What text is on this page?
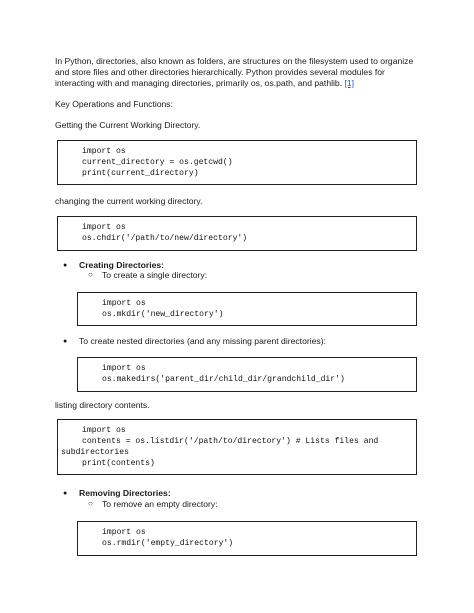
In Python, directories, also known as folders, are structures on the filesystem used to organize
and store files and other directories hierarchically. Python provides several modules for
interacting with and managing directories, primarily os, os.path, and pathlib. [1]
Key Operations and Functions:
Getting the Current Working Directory.
import os
current_directory = os.getcwd()
print(current_directory)
changing the current working directory.
import os
os.chdir('/path/to/new/directory')
● Creating Directories:
○ To create a single directory:
import os
os.mkdir('new_directory')
● To create nested directories (and any missing parent directories):
import os
os.makedirs('parent_dir/child_dir/grandchild_dir')
listing directory contents.
import os
contents = os.listdir('/path/to/directory') # Lists files and
subdirectories
print(contents)
● Removing Directories:
○ To remove an empty directory:
import os
os.rmdir('empty_directory')
